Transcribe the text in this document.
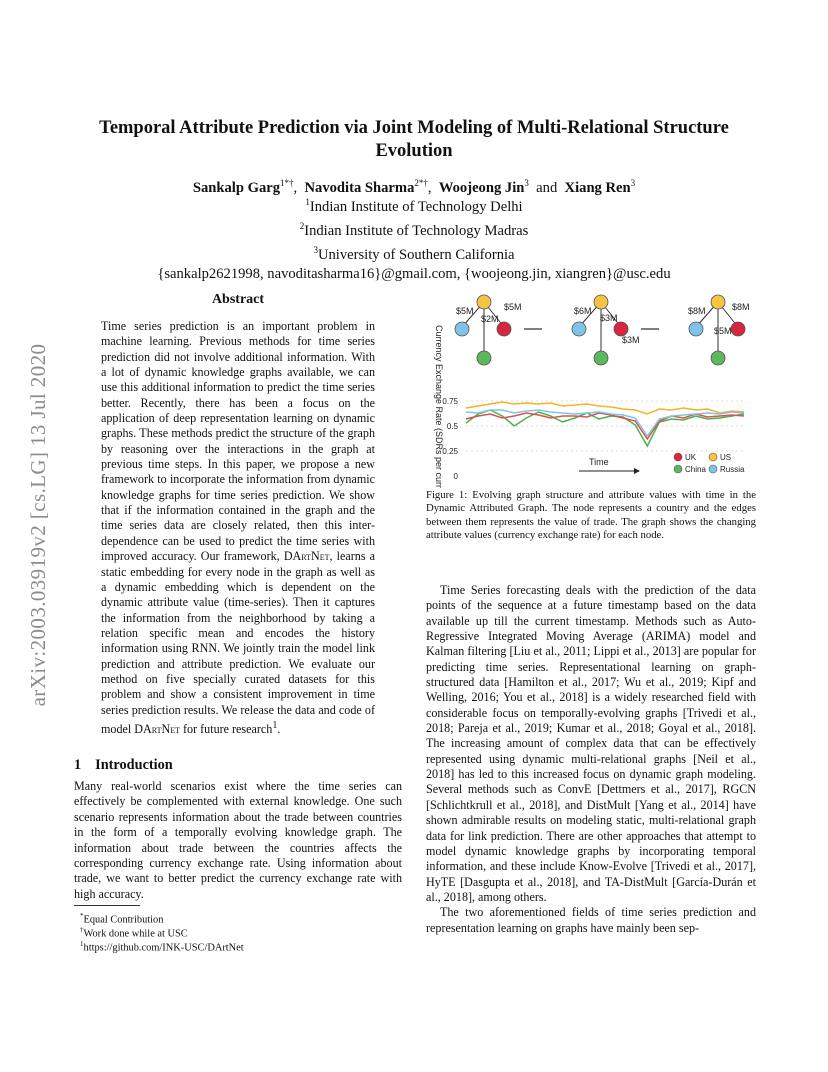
arXiv:2003.03919v2 [cs.LG] 13 Jul 2020
Temporal Attribute Prediction via Joint Modeling of Multi-Relational Structure Evolution
Sankalp Garg$^{1*\dagger}$, Navodita Sharma$^{2*\dagger}$, Woojeong Jin$^3$ and Xiang Ren$^3$
$^1$Indian Institute of Technology Delhi
$^2$Indian Institute of Technology Madras
$^3$University of Southern California
{sankalp2621998, navoditasharma16}@gmail.com, {woojeong.jin, xiangren}@usc.edu
Abstract
Time series prediction is an important problem in machine learning. Previous methods for time series prediction did not involve additional information. With a lot of dynamic knowledge graphs available, we can use this additional information to predict the time series better. Recently, there has been a focus on the application of deep representation learning on dynamic graphs. These methods predict the structure of the graph by reasoning over the interactions in the graph at previous time steps. In this paper, we propose a new framework to incorporate the information from dynamic knowledge graphs for time series prediction. We show that if the information contained in the graph and the time series data are closely related, then this inter-dependence can be used to predict the time series with improved accuracy. Our framework, DArtNet, learns a static embedding for every node in the graph as well as a dynamic embedding which is dependent on the dynamic attribute value (time-series). Then it captures the information from the neighborhood by taking a relation specific mean and encodes the history information using RNN. We jointly train the model link prediction and attribute prediction. We evaluate our method on five specially curated datasets for this problem and show a consistent improvement in time series prediction results. We release the data and code of model DArtNet for future research$^1$.
1 Introduction
Many real-world scenarios exist where the time series can effectively be complemented with external knowledge. One such scenario represents information about the trade between countries in the form of a temporally evolving knowledge graph. The information about trade between the countries affects the corresponding currency exchange rate. Using information about trade, we want to better predict the currency exchange rate with high accuracy.
*Equal Contribution
†Work done while at USC
$^1$https://github.com/INK-USC/DArtNet
$5M
$2M
$5M	$6M
$3M
$3M
$8M	$8M
$5M
Currency Exchange Rate (SDRs per currency unit) 0
0.25
0.5
0.75
Time	UK	US
China Russia
Figure 1: Evolving graph structure and attribute values with time in the Dynamic Attributed Graph. The node represents a country and the edges between them represents the value of trade. The graph shows the changing attribute values (currency exchange rate) for each node.

Time Series forecasting deals with the prediction of the data points of the sequence at a future timestamp based on the data available up till the current timestamp. Methods such as Auto-Regressive Integrated Moving Average (ARIMA) model and Kalman filtering [Liu et al., 2011; Lippi et al., 2013] are popular for predicting time series. Representational learning on graph-structured data [Hamilton et al., 2017; Wu et al., 2019; Kipf and Welling, 2016; You et al., 2018] is a widely researched field with considerable focus on temporally-evolving graphs [Trivedi et al., 2018; Pareja et al., 2019; Kumar et al., 2018; Goyal et al., 2018]. The increasing amount of complex data that can be effectively represented using dynamic multi-relational graphs [Neil et al., 2018] has led to this increased focus on dynamic graph modeling. Several methods such as ConvE [Dettmers et al., 2017], RGCN [Schlichtkrull et al., 2018], and DistMult [Yang et al., 2014] have shown admirable results on modeling static, multi-relational graph data for link prediction. There are other approaches that attempt to model dynamic knowledge graphs by incorporating temporal information, and these include Know-Evolve [Trivedi et al., 2017], HyTE [Dasgupta et al., 2018], and TA-DistMult [García-Durán et al., 2018], among others.

The two aforementioned fields of time series prediction and representation learning on graphs have mainly been sep-
